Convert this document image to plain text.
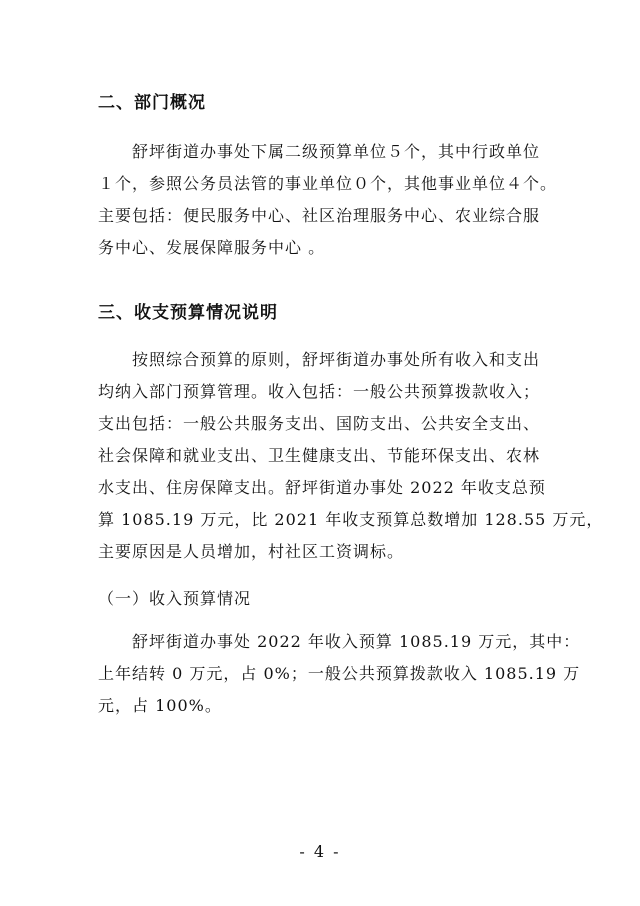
二、部门概况
舒坪街道办事处下属二级预算单位５个，其中行政单位
１个，参照公务员法管的事业单位０个，其他事业单位４个。
主要包括：便民服务中心、社区治理服务中心、农业综合服
务中心、发展保障服务中心 。
三、收支预算情况说明
按照综合预算的原则，舒坪街道办事处所有收入和支出
均纳入部门预算管理。收入包括：一般公共预算拨款收入；
支出包括：一般公共服务支出、国防支出、公共安全支出、
社会保障和就业支出、卫生健康支出、节能环保支出、农林
水支出、住房保障支出。舒坪街道办事处 2022 年收支总预
算 1085.19 万元，比 2021 年收支预算总数增加 128.55 万元，
主要原因是人员增加，村社区工资调标。
（一）收入预算情况
舒坪街道办事处 2022 年收入预算 1085.19 万元，其中：
上年结转 0 万元，占 0%；一般公共预算拨款收入 1085.19 万
元，占 100%。
- 4 -
